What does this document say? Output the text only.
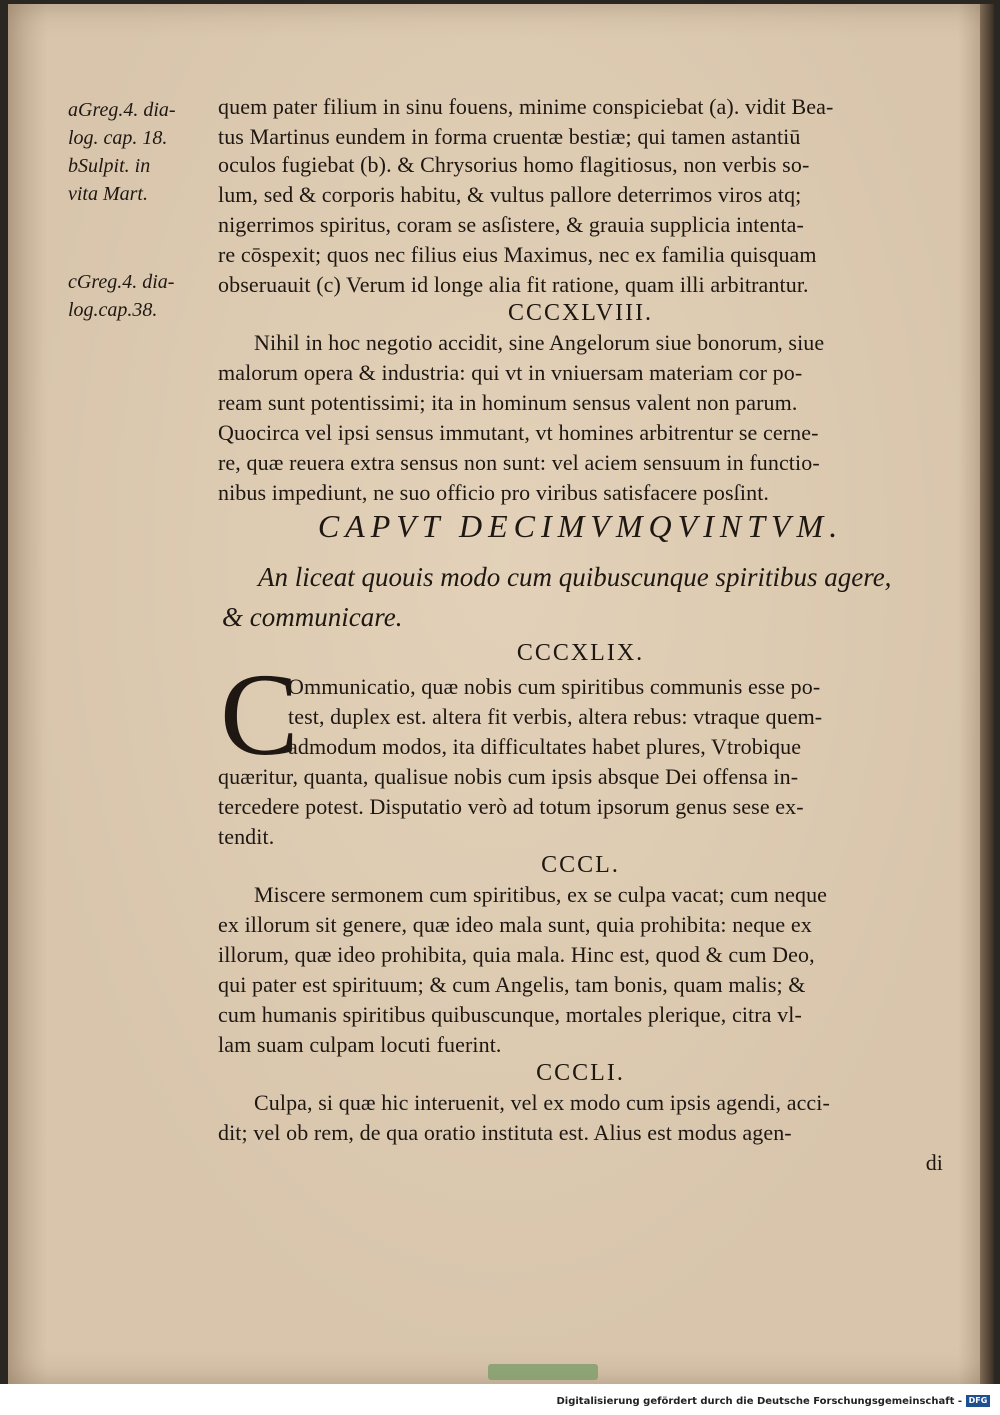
aGreg.4. dia-
log. cap. 18.
bSulpit. in
vita Mart.
cGreg.4. dia-
log.cap.38.
quem pater filium in sinu fouens, minime conspiciebat (a). vidit Bea-
tus Martinus eundem in forma cruentæ bestiæ; qui tamen astantiū
oculos fugiebat (b). & Chrysorius homo flagitiosus, non verbis so-
lum, sed & corporis habitu, & vultus pallore deterrimos viros atq;
nigerrimos spiritus, coram se asſistere, & grauia supplicia intenta-
re cōspexit; quos nec filius eius Maximus, nec ex familia quisquam
obseruauit (c) Verum id longe alia fit ratione, quam illi arbitrantur.
CCCXLVIII.
Nihil in hoc negotio accidit, sine Angelorum siue bonorum, siue
malorum opera & industria: qui vt in vniuersam materiam cor po-
ream sunt potentissimi; ita in hominum sensus valent non parum.
Quocirca vel ipsi sensus immutant, vt homines arbitrentur se cerne-
re, quæ reuera extra sensus non sunt: vel aciem sensuum in functio-
nibus impediunt, ne suo officio pro viribus satisfacere posſint.
CAPVT DECIMVMQVINTVM.
An liceat quouis modo cum quibuscunque spiritibus agere,
& communicare.
CCCXLIX.
C
Ommunicatio, quæ nobis cum spiritibus communis esse po-
test, duplex est. altera fit verbis, altera rebus: vtraque quem-
admodum modos, ita difficultates habet plures, Vtrobique
quæritur, quanta, qualisue nobis cum ipsis absque Dei offensa in-
tercedere potest. Disputatio verò ad totum ipsorum genus sese ex-
tendit.
CCCL.
Miscere sermonem cum spiritibus, ex se culpa vacat; cum neque
ex illorum sit genere, quæ ideo mala sunt, quia prohibita: neque ex
illorum, quæ ideo prohibita, quia mala. Hinc est, quod & cum Deo,
qui pater est spirituum; & cum Angelis, tam bonis, quam malis; &
cum humanis spiritibus quibuscunque, mortales plerique, citra vl-
lam suam culpam locuti fuerint.
CCCLI.
Culpa, si quæ hic interuenit, vel ex modo cum ipsis agendi, acci-
dit; vel ob rem, de qua oratio instituta est. Alius est modus agen-
di
Digitalisierung gefördert durch die Deutsche Forschungsgemeinschaft - DFG
